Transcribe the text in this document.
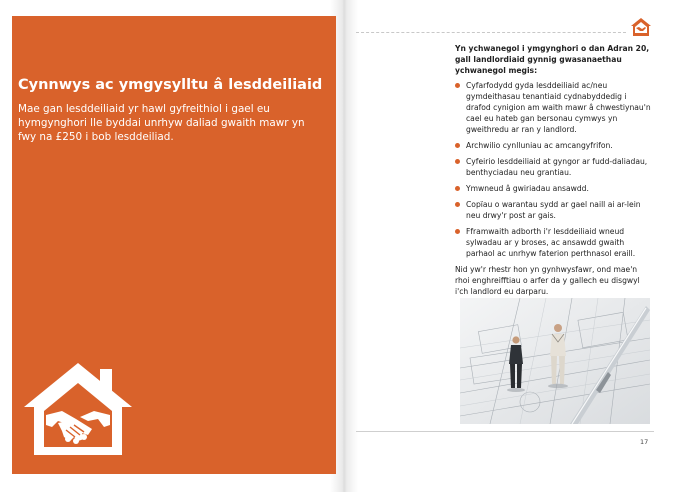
Cynnwys ac ymgysylltu â lesddeiliaid

Mae gan lesddeiliaid yr hawl gyfreithiol i gael eu hymgynghori lle byddai unrhyw daliad gwaith mawr yn fwy na £250 i bob lesddeiliad.

Yn ychwanegol i ymgynghori o dan Adran 20, gall landlordiaid gynnig gwasanaethau ychwanegol megis:

Cyfarfodydd gyda lesddeiliaid ac/neu gymdeithasau tenantiaid cydnabyddedig i drafod cynigion am waith mawr â chwestiynau'n cael eu hateb gan bersonau cymwys yn gweithredu ar ran y landlord.
Archwilio cynlluniau ac amcangyfrifon.
Cyfeirio lesddeiliaid at gyngor ar fudd-daliadau, benthyciadau neu grantiau.
Ymwneud â gwiriadau ansawdd.
Copïau o warantau sydd ar gael naill ai ar-lein neu drwy'r post ar gais.
Fframwaith adborth i'r lesddeiliaid wneud sylwadau ar y broses, ac ansawdd gwaith parhaol ac unrhyw faterion perthnasol eraill.

Nid yw'r rhestr hon yn gynhwysfawr, ond mae'n rhoi enghreifftiau o arfer da y gallech eu disgwyl i'ch landlord eu darparu.

17
